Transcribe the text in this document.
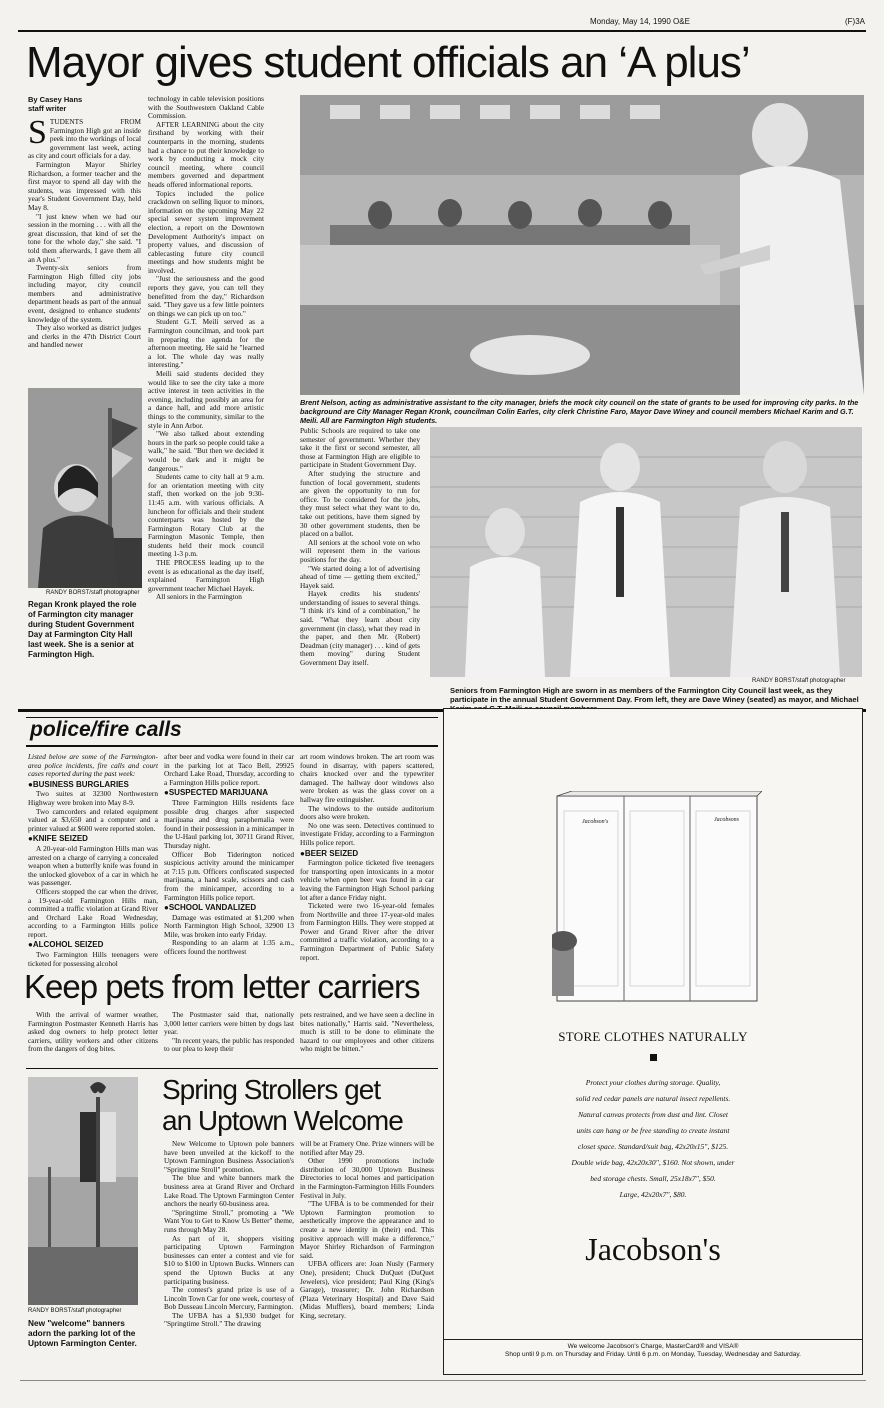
Monday, May 14, 1990 O&E	(F)3A
Mayor gives student officials an ‘A plus’
By Casey Hans
staff writer
S TUDENTS FROM Farmington High got an inside peek into the workings of local government last week, acting as city and court officials for a day.

Farmington Mayor Shirley Richardson, a former teacher and the first mayor to spend all day with the students, was impressed with this year's Student Government Day, held May 8.

"I just knew when we had our session in the morning . . . with all the great discussion, that kind of set the tone for the whole day," she said. "I told them afterwards, I gave them all an A plus."

Twenty-six seniors from Farmington High filled city jobs including mayor, city council members and administrative department heads as part of the annual event, designed to enhance students' knowledge of the system.

They also worked as district judges and clerks in the 47th District Court and handled newer

RANDY BORST/staff photographer
Regan Kronk played the role of Farmington city manager during Student Government Day at Farmington City Hall last week. She is a senior at Farmington High.

technology in cable television positions with the Southwestern Oakland Cable Commission.

AFTER LEARNING about the city firsthand by working with their counterparts in the morning, students had a chance to put their knowledge to work by conducting a mock city council meeting, where council members governed and department heads offered informational reports.

Topics included the police crackdown on selling liquor to minors, information on the upcoming May 22 special sewer system improvement election, a report on the Downtown Development Authority's impact on property values, and discussion of cablecasting future city council meetings and how students might be involved.

"Just the seriousness and the good reports they gave, you can tell they benefitted from the day," Richardson said. "They gave us a few little pointers on things we can pick up on too."

Student G.T. Meili served as a Farmington councilman, and took part in preparing the agenda for the afternoon meeting. He said he "learned a lot. The whole day was really interesting."

Meili said students decided they would like to see the city take a more active interest in teen activities in the evening, including possibly an area for a dance hall, and add more artistic things to the community, similar to the style in Ann Arbor.

"We also talked about extending hours in the park so people could take a walk," he said. "But then we decided it would be dark and it might be dangerous."

Students came to city hall at 9 a.m. for an orientation meeting with city staff, then worked on the job 9:30-11:45 a.m. with various officials. A luncheon for officials and their student counterparts was hosted by the Farmington Rotary Club at the Farmington Masonic Temple, then students held their mock council meeting 1-3 p.m.

THE PROCESS leading up to the event is as educational as the day itself, explained Farmington High government teacher Michael Hayek.

All seniors in the Farmington

Brent Nelson, acting as administrative assistant to the city manager, briefs the mock city council on the state of grants to be used for improving city parks. In the background are City Manager Regan Kronk, councilman Colin Earles, city clerk Christine Faro, Mayor Dave Winey and council members Michael Karim and G.T. Meili. All are Farmington High students.

Public Schools are required to take one semester of government. Whether they take it the first or second semester, all those at Farmington High are eligible to participate in Student Government Day.

After studying the structure and function of local government, students are given the opportunity to run for office. To be considered for the jobs, they must select what they want to do, take out petitions, have them signed by 30 other government students, then be placed on a ballot.

All seniors at the school vote on who will represent them in the various positions for the day.

"We started doing a lot of advertising ahead of time — getting them excited," Hayek said.

Hayek credits his students' understanding of issues to several things. "I think it's kind of a combination," he said. "What they learn about city government (in class), what they read in the paper, and then Mr. (Robert) Deadman (city manager) . . . kind of gets them moving" during Student Government Day itself.

RANDY BORST/staff photographer
Seniors from Farmington High are sworn in as members of the Farmington City Council last week, as they participate in the annual Student Government Day. From left, they are Dave Winey (seated) as mayor, and Michael
police/fire calls

Listed below are some of the Farmington-area police incidents, fire calls and court cases reported during the past week:

● BUSINESS BURGLARIES

Two suites at 32300 Northwestern Highway were broken into May 8-9.

Two camcorders and related equipment valued at $3,650 and a computer and a printer valued at $600 were reported stolen.

● KNIFE SEIZED

A 20-year-old Farmington Hills man was arrested on a charge of carrying a concealed weapon when a butterfly knife was found in the unlocked glovebox of a car in which he was passenger.

Officers stopped the car when the driver, a 19-year-old Farmington Hills man, committed a traffic violation at Grand River and Orchard Lake Road Wednesday, according to a Farmington Hills police report.

● ALCOHOL SEIZED

Two Farmington Hills teenagers were ticketed for possessing alcohol

after beer and vodka were found in their car in the parking lot at Taco Bell, 29925 Orchard Lake Road, Thursday, according to a Farmington Hills police report.

● SUSPECTED MARIJUANA

Three Farmington Hills residents face possible drug charges after suspected marijuana and drug paraphernalia were found in their possession in a minicamper in the U-Haul parking lot, 30711 Grand River, Thursday night.

Officer Bob Tiderington noticed suspicious activity around the minicamper at 7:15 p.m. Officers confiscated suspected marijuana, a hand scale, scissors and cash from the minicamper, according to a Farmington Hills police report.

● SCHOOL VANDALIZED

Damage was estimated at $1,200 when North Farmington High School, 32900 13 Mile, was broken into early Friday.

Responding to an alarm at 1:35 a.m., officers found the northwest

art room windows broken. The art room was found in disarray, with papers scattered, chairs knocked over and the typewriter damaged. The hallway door windows also were broken as was the glass cover on a hallway fire extinguisher.

The windows to the outside auditorium doors also were broken.

No one was seen. Detectives continued to investigate Friday, according to a Farmington Hills police report.

● BEER SEIZED

Farmington police ticketed five teenagers for transporting open intoxicants in a motor vehicle when open beer was found in a car leaving the Farmington High School parking lot after a dance Friday night.

Ticketed were two 16-year-old females from Northville and three 17-year-old males from Farmington Hills. They were stopped at Power and Grand River after the driver committed a traffic violation, according to a Farmington Department of Public Safety report.

Keep pets from letter carriers

With the arrival of warmer weather, Farmington Postmaster Kenneth Harris has asked dog owners to help protect letter carriers, utility workers and other citizens from the dangers of dog bites.

The Postmaster said that, nationally 3,000 letter carriers were bitten by dogs last year.

"In recent years, the public has responded to our plea to keep their

pets restrained, and we have seen a decline in bites nationally," Harris said. "Nevertheless, much is still to be done to eliminate the hazard to our employees and other citizens who might be bitten."

RANDY BORST/staff photographer
New "welcome" banners adorn the parking lot of the Uptown Farmington Center.
Spring Strollers get
an Uptown Welcome

New Welcome to Uptown pole banners have been unveiled at the kickoff to the Uptown Farmington Business Association's "Springtime Stroll" promotion.

The blue and white banners mark the business area at Grand River and Orchard Lake Road. The Uptown Farmington Center anchors the nearly 60-business area.

"Springtime Stroll," promoting a "We Want You to Get to Know Us Better" theme, runs through May 28.

As part of it, shoppers visiting participating Uptown Farmington businesses can enter a contest and vie for $10 to $100 in Uptown Bucks. Winners can spend the Uptown Bucks at any participating business.

The contest's grand prize is use of a Lincoln Town Car for one week, courtesy of Bob Dusseau Lincoln Mercury, Farmington.

The UFBA has a $1,930 budget for "Springtime Stroll." The drawing

will be at Framery One. Prize winners will be notified after May 29.

Other 1990 promotions include distribution of 30,000 Uptown Business Directories to local homes and participation in the Farmington-Farmington Hills Founders Festival in July.

"The UFBA is to be commended for their Uptown Farmington promotion to aesthetically improve the appearance and to create a new identity in (their) end. This positive approach will make a difference," Mayor Shirley Richardson of Farmington said.

UFBA officers are: Joan Nusly (Farmery One), president; Chuck DuQuet (DuQuet Jewelers), vice president; Paul King (King's Garage), treasurer; Dr. John Richardson (Plaza Veterinary Hospital) and Dave Said (Midas Mufflers), board members; Linda King, secretary.

Jacobson's	Jacobsons
STORE CLOTHES NATURALLY
Protect your clothes during storage. Quality,
solid red cedar panels are natural insect repellents.
Natural canvas protects from dust and lint. Closet
units can hang or be free standing to create instant
closet space. Standard/suit bag, 42x20x15", $125.
Double wide bag, 42x20x30", $160. Not shown, under
bed storage chests. Small, 25x18x7", $50.
Large, 42x20x7", $80.
Jacobson's
We welcome Jacobson's Charge, MasterCard® and VISA®
Shop until 9 p.m. on Thursday and Friday. Until 6 p.m. on Monday, Tuesday, Wednesday and Saturday.
